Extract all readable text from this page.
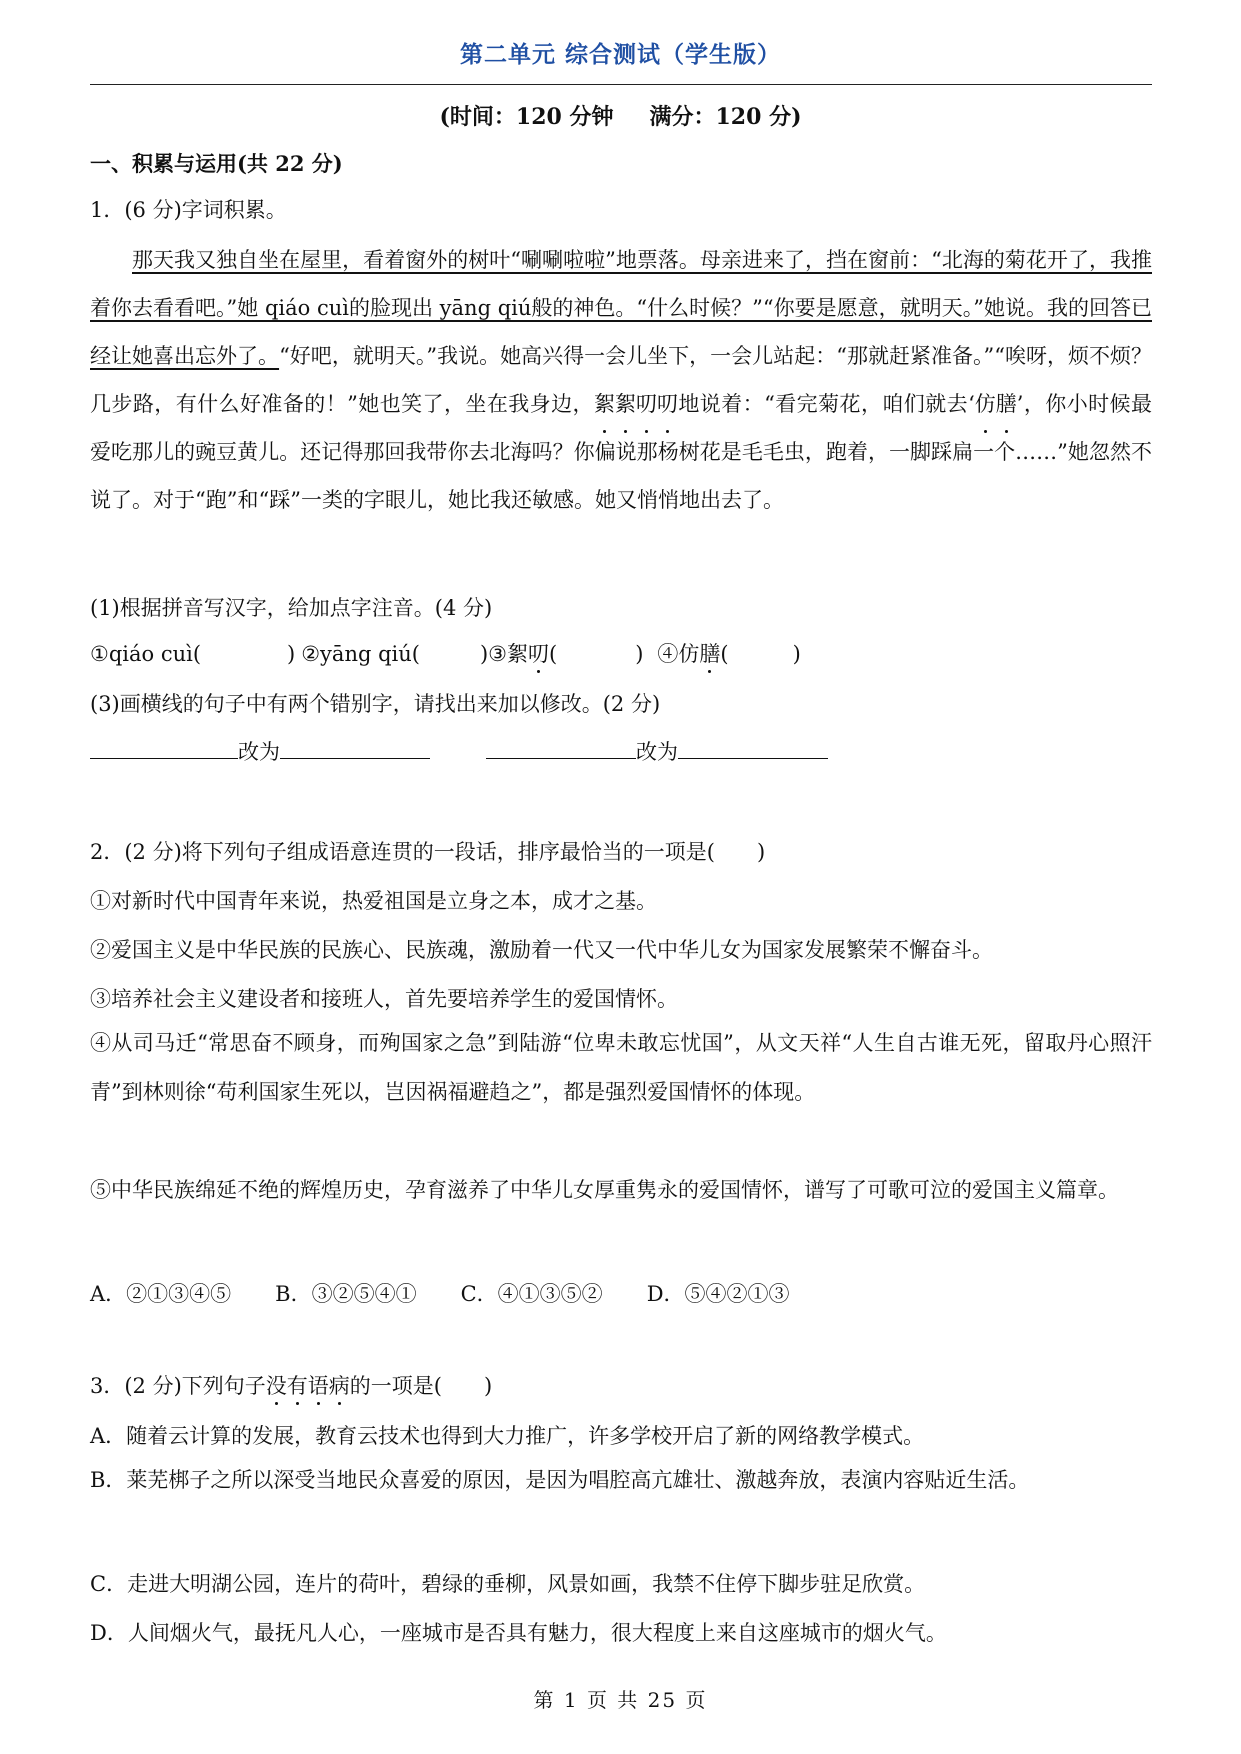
第二单元 综合测试（学生版）
(时间：120 分钟 满分：120 分)
一、积累与运用(共 22 分)
1．(6 分)字词积累。
那天我又独自坐在屋里，看着窗外的树叶“唰唰啦啦”地票落。母亲进来了，挡在窗前：“北海的菊花开了，我推着你去看看吧。”她 qiáo cuì的脸现出 yāng qiú般的神色。“什么时候？”“你要是愿意，就明天。”她说。我的回答已经让她喜出忘外了。“好吧，就明天。”我说。她高兴得一会儿坐下，一会儿站起：“那就赶紧准备。”“唉呀，烦不烦？几步路，有什么好准备的！”她也笑了，坐在我身边，絮絮叨叨地说着：“看完菊花，咱们就去‘仿膳’，你小时候最爱吃那儿的豌豆黄儿。还记得那回我带你去北海吗？你偏说那杨树花是毛毛虫，跑着，一脚踩扁一个……”她忽然不说了。对于“跑”和“踩”一类的字眼儿，她比我还敏感。她又悄悄地出去了。
(1)根据拼音写汉字，给加点字注音。(4 分)
①qiáo cuì(	) ②yāng qiú(	)③絮叨(	) ④仿膳(	)
(3)画横线的句子中有两个错别字，请找出来加以修改。(2 分)
改为	改为
2．(2 分)将下列句子组成语意连贯的一段话，排序最恰当的一项是(　　)
①对新时代中国青年来说，热爱祖国是立身之本，成才之基。
②爱国主义是中华民族的民族心、民族魂，激励着一代又一代中华儿女为国家发展繁荣不懈奋斗。
③培养社会主义建设者和接班人，首先要培养学生的爱国情怀。
④从司马迁“常思奋不顾身，而殉国家之急”到陆游“位卑未敢忘忧国”，从文天祥“人生自古谁无死，留取丹心照汗青”到林则徐“苟利国家生死以，岂因祸福避趋之”，都是强烈爱国情怀的体现。
⑤中华民族绵延不绝的辉煌历史，孕育滋养了中华儿女厚重隽永的爱国情怀，谱写了可歌可泣的爱国主义篇章。
A．②①③④⑤ B．③②⑤④① C．④①③⑤② D．⑤④②①③
3．(2 分)下列句子没有语病的一项是(　　)
A．随着云计算的发展，教育云技术也得到大力推广，许多学校开启了新的网络教学模式。
B．莱芜梆子之所以深受当地民众喜爱的原因，是因为唱腔高亢雄壮、激越奔放，表演内容贴近生活。
C．走进大明湖公园，连片的荷叶，碧绿的垂柳，风景如画，我禁不住停下脚步驻足欣赏。
D．人间烟火气，最抚凡人心，一座城市是否具有魅力，很大程度上来自这座城市的烟火气。
第 1 页 共 25 页
